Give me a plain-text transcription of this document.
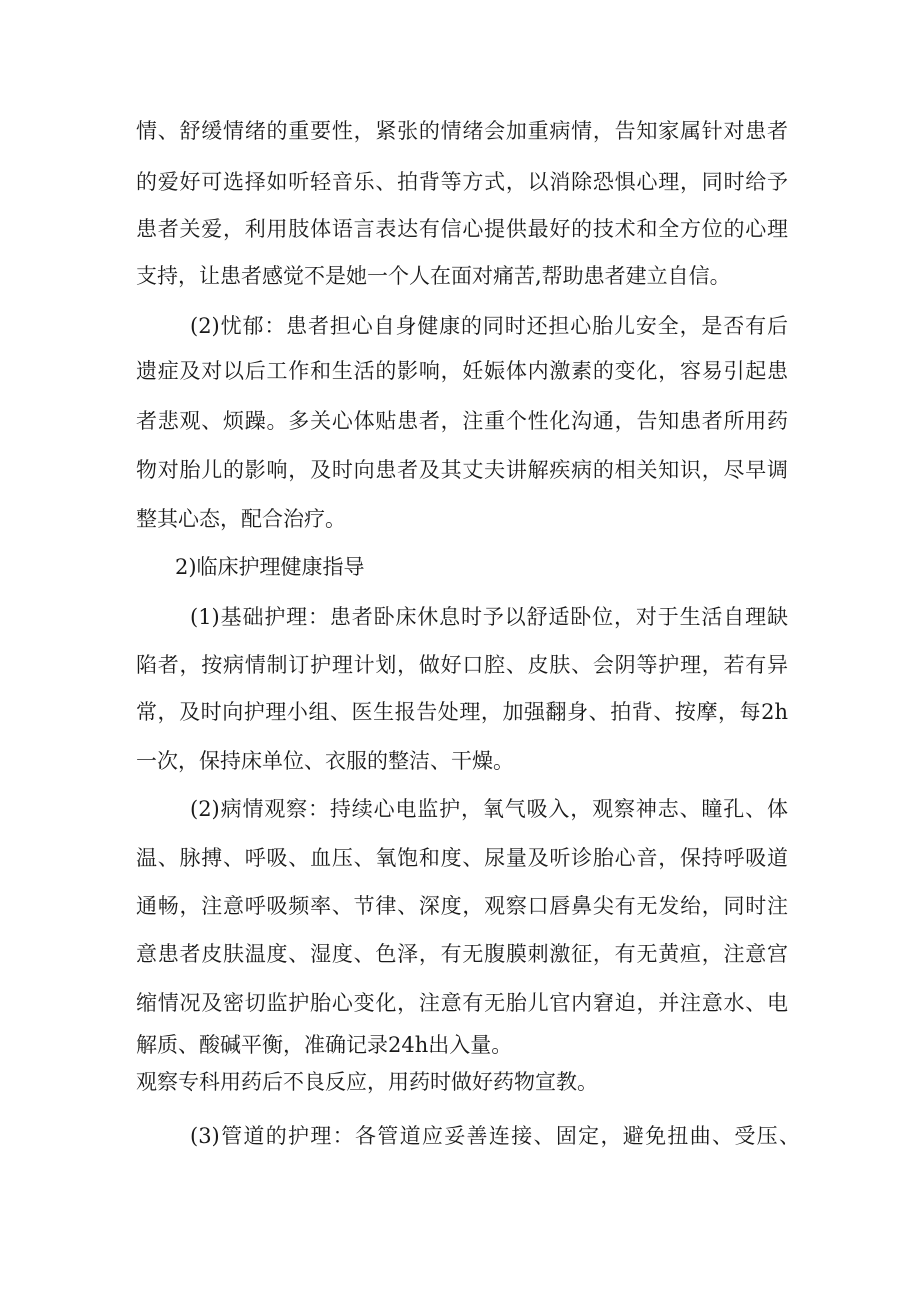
情、舒缓情绪的重要性，紧张的情绪会加重病情，告知家属针对患者

的爱好可选择如听轻音乐、拍背等方式，以消除恐惧心理，同时给予

患者关爱，利用肢体语言表达有信心提供最好的技术和全方位的心理

支持，让患者感觉不是她一个人在面对痛苦,帮助患者建立自信。

(2)忧郁：患者担心自身健康的同时还担心胎儿安全，是否有后

遗症及对以后工作和生活的影响，妊娠体内激素的变化，容易引起患

者悲观、烦躁。多关心体贴患者，注重个性化沟通，告知患者所用药

物对胎儿的影响，及时向患者及其丈夫讲解疾病的相关知识，尽早调

整其心态，配合治疗。

2)临床护理健康指导

(1)基础护理：患者卧床休息时予以舒适卧位，对于生活自理缺

陷者，按病情制订护理计划，做好口腔、皮肤、会阴等护理，若有异

常，及时向护理小组、医生报告处理，加强翻身、拍背、按摩，每2h

一次，保持床单位、衣服的整洁、干燥。

(2)病情观察：持续心电监护，氧气吸入，观察神志、瞳孔、体

温、脉搏、呼吸、血压、氧饱和度、尿量及听诊胎心音，保持呼吸道

通畅，注意呼吸频率、节律、深度，观察口唇鼻尖有无发绐，同时注

意患者皮肤温度、湿度、色泽，有无腹膜刺激征，有无黄疸，注意宫

缩情况及密切监护胎心变化，注意有无胎儿官内窘迫，并注意水、电

解质、酸碱平衡，准确记录24h出入量。

观察专科用药后不良反应，用药时做好药物宣教。

(3)管道的护理：各管道应妥善连接、固定，避免扭曲、受压、
